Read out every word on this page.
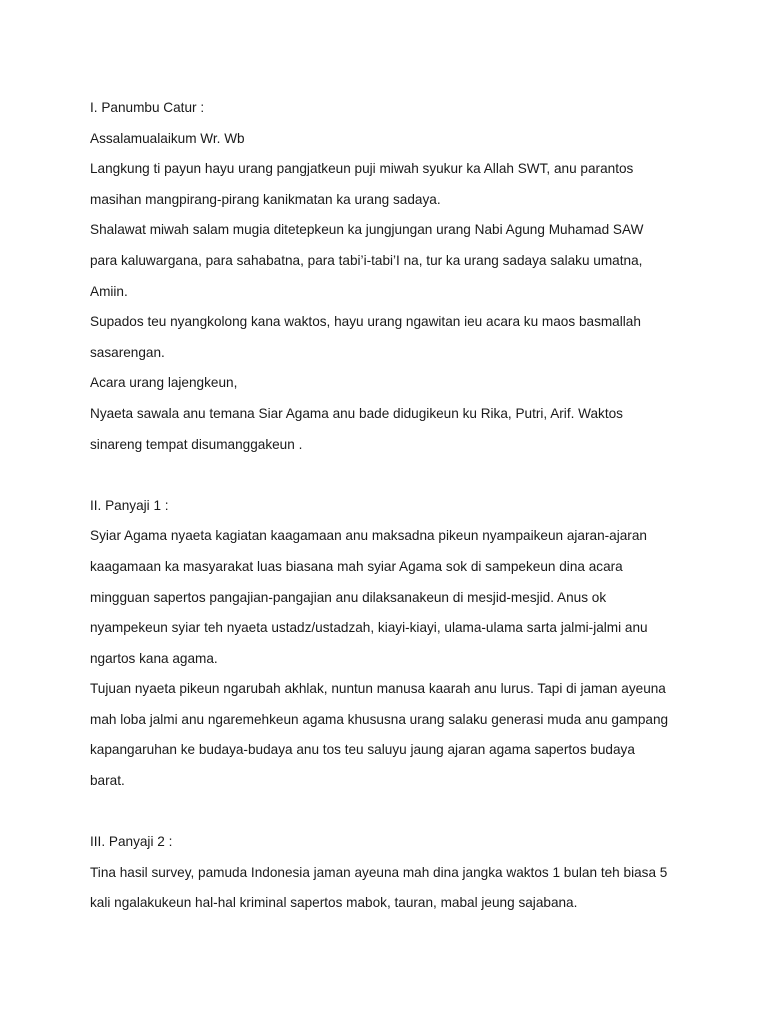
I. Panumbu Catur :
Assalamualaikum Wr. Wb
Langkung ti payun hayu urang pangjatkeun puji miwah syukur ka Allah SWT, anu parantos
masihan mangpirang-pirang kanikmatan ka urang sadaya.
Shalawat miwah salam mugia ditetepkeun ka jungjungan urang Nabi Agung Muhamad SAW
para kaluwargana, para sahabatna, para tabi’i-tabi’I na, tur ka urang sadaya salaku umatna,
Amiin.
Supados teu nyangkolong kana waktos, hayu urang ngawitan ieu acara ku maos basmallah
sasarengan.
Acara urang lajengkeun,
Nyaeta sawala anu temana Siar Agama anu bade didugikeun ku Rika, Putri, Arif. Waktos
sinareng tempat disumanggakeun .
II. Panyaji 1 :
Syiar Agama nyaeta kagiatan kaagamaan anu maksadna pikeun nyampaikeun ajaran-ajaran
kaagamaan ka masyarakat luas biasana mah syiar Agama sok di sampekeun dina acara
mingguan sapertos pangajian-pangajian anu dilaksanakeun di mesjid-mesjid. Anus ok
nyampekeun syiar teh nyaeta ustadz/ustadzah, kiayi-kiayi, ulama-ulama sarta jalmi-jalmi anu
ngartos kana agama.
Tujuan nyaeta pikeun ngarubah akhlak, nuntun manusa kaarah anu lurus. Tapi di jaman ayeuna
mah loba jalmi anu ngaremehkeun agama khususna urang salaku generasi muda anu gampang
kapangaruhan ke budaya-budaya anu tos teu saluyu jaung ajaran agama sapertos budaya
barat.
III. Panyaji 2 :
Tina hasil survey, pamuda Indonesia jaman ayeuna mah dina jangka waktos 1 bulan teh biasa 5
kali ngalakukeun hal-hal kriminal sapertos mabok, tauran, mabal jeung sajabana.
